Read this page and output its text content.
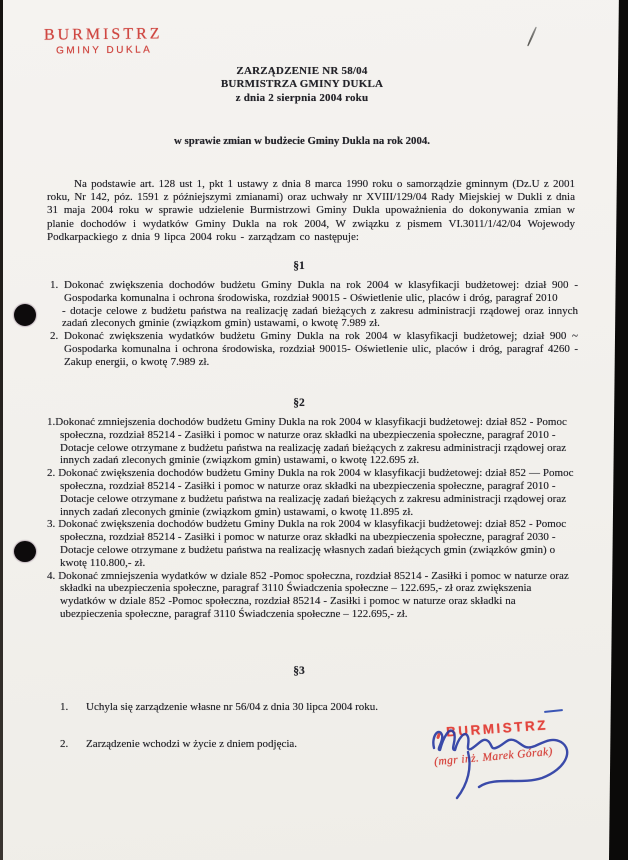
BURMISTRZ
GMINY DUKLA
ZARZĄDZENIE NR 58/04
BURMISTRZA GMINY DUKLA
z dnia 2 sierpnia 2004 roku
w sprawie zmian w budżecie Gminy Dukla na rok 2004.

Na podstawie art. 128 ust 1, pkt 1 ustawy z dnia 8 marca 1990 roku o samorządzie gminnym (Dz.U z 2001 roku, Nr 142, póz. 1591 z późniejszymi zmianami) oraz uchwały nr XVIII/129/04 Rady Miejskiej w Dukli z dnia 31 maja 2004 roku w sprawie udzielenie Burmistrzowi Gminy Dukla upoważnienia do dokonywania zmian w planie dochodów i wydatków Gminy Dukla na rok 2004, W związku z pismem VI.3011/1/42/04 Wojewody Podkarpackiego z dnia 9 lipca 2004 roku - zarządzam co następuje:

§1
1. Dokonać zwiększenia dochodów budżetu Gminy Dukla na rok 2004 w klasyfikacji budżetowej: dział 900 - Gospodarka komunalna i ochrona środowiska, rozdział 90015 - Oświetlenie ulic, placów i dróg, paragraf 2010
- dotacje celowe z budżetu państwa na realizację zadań bieżących z zakresu administracji rządowej oraz innych zadań zleconych gminie (związkom gmin) ustawami, o kwotę 7.989 zł.
2. Dokonać zwiększenia wydatków budżetu Gminy Dukla na rok 2004 w klasyfikacji budżetowej; dział 900 ~ Gospodarka komunalna i ochrona środowiska, rozdział 90015- Oświetlenie ulic, placów i dróg, paragraf 4260 - Zakup energii, o kwotę 7.989 zł.
§2
1.Dokonać zmniejszenia dochodów budżetu Gminy Dukla na rok 2004 w klasyfikacji budżetowej: dział 852 - Pomoc społeczna, rozdział 85214 - Zasiłki i pomoc w naturze oraz składki na ubezpieczenia społeczne, paragraf 2010 - Dotacje celowe otrzymane z budżetu państwa na realizację zadań bieżących z zakresu administracji rządowej oraz innych zadań zleconych gminie (związkom gmin) ustawami, o kwotę 122.695 zł.
2. Dokonać zwiększenia dochodów budżetu Gminy Dukla na rok 2004 w klasyfikacji budżetowej: dział 852 — Pomoc społeczna, rozdział 85214 - Zasiłki i pomoc w naturze oraz składki na ubezpieczenia społeczne, paragraf 2010 - Dotacje celowe otrzymane z budżetu państwa na realizację zadań bieżących z zakresu administracji rządowej oraz innych zadań zleconych gminie (związkom gmin) ustawami, o kwotę 11.895 zł.
3. Dokonać zwiększenia dochodów budżetu Gminy Dukla na rok 2004 w klasyfikacji budżetowej: dział 852 - Pomoc społeczna, rozdział 85214 - Zasiłki i pomoc w naturze oraz składki na ubezpieczenia społeczne, paragraf 2030 - Dotacje celowe otrzymane z budżetu państwa na realizację własnych zadań bieżących gmin (związków gmin) o kwotę 110.800,- zł.
4. Dokonać zmniejszenia wydatków w dziale 852 -Pomoc społeczna, rozdział 85214 - Zasiłki i pomoc w naturze oraz składki na ubezpieczenia społeczne, paragraf 3110 Świadczenia społeczne – 122.695,- zł oraz zwiększenia wydatków w dziale 852 -Pomoc społeczna, rozdział 85214 - Zasiłki i pomoc w naturze oraz składki na ubezpieczenia społeczne, paragraf 3110 Świadczenia społeczne – 122.695,- zł.
§3
1. Uchyla się zarządzenie własne nr 56/04 z dnia 30 lipca 2004 roku.
2. Zarządzenie wchodzi w życie z dniem podjęcia.
BURMISTRZ
(mgr inż. Marek Górak)
